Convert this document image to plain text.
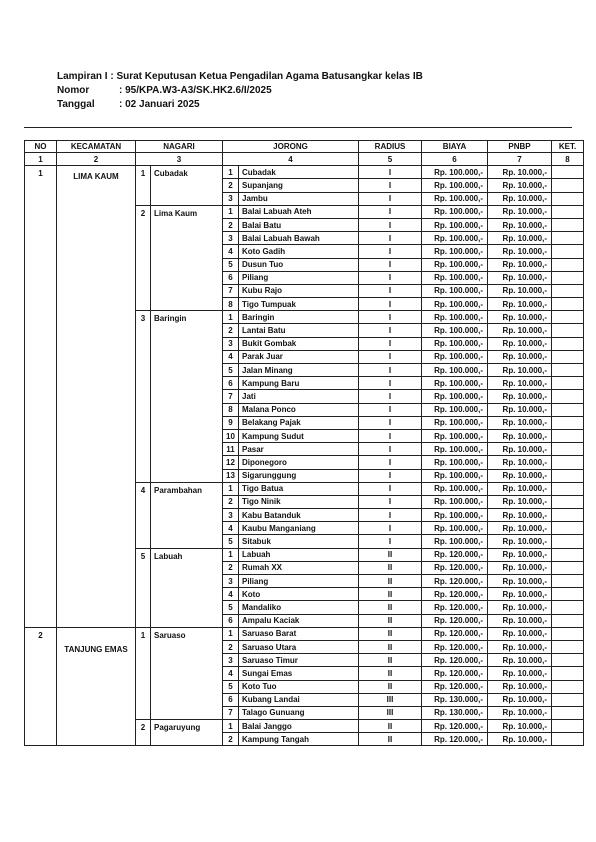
Lampiran I : Surat Keputusan Ketua Pengadilan Agama Batusangkar kelas IB
Nomor	: 95/KPA.W3-A3/SK.HK2.6/I/2025
Tanggal	: 02 Januari 2025
NO	KECAMATAN	NAGARI		JORONG		RADIUS	BIAYA	PNBP	KET.
1	2	3		4		5	6	7	8
1	LIMA KAUM	1	Cubadak	1	Cubadak	I	Rp. 100.000,-	Rp. 10.000,-	
				2	Supanjang	I	Rp. 100.000,-	Rp. 10.000,-	
				3	Jambu	I	Rp. 100.000,-	Rp. 10.000,-	
		2	Lima Kaum	1	Balai Labuah Ateh	I	Rp. 100.000,-	Rp. 10.000,-	
				2	Balai Batu	I	Rp. 100.000,-	Rp. 10.000,-	
				3	Balai Labuah Bawah	I	Rp. 100.000,-	Rp. 10.000,-	
				4	Koto Gadih	I	Rp. 100.000,-	Rp. 10.000,-	
				5	Dusun Tuo	I	Rp. 100.000,-	Rp. 10.000,-	
				6	Piliang	I	Rp. 100.000,-	Rp. 10.000,-	
				7	Kubu Rajo	I	Rp. 100.000,-	Rp. 10.000,-	
				8	Tigo Tumpuak	I	Rp. 100.000,-	Rp. 10.000,-	
		3	Baringin	1	Baringin	I	Rp. 100.000,-	Rp. 10.000,-	
				2	Lantai Batu	I	Rp. 100.000,-	Rp. 10.000,-	
				3	Bukit Gombak	I	Rp. 100.000,-	Rp. 10.000,-	
				4	Parak Juar	I	Rp. 100.000,-	Rp. 10.000,-	
				5	Jalan Minang	I	Rp. 100.000,-	Rp. 10.000,-	
				6	Kampung Baru	I	Rp. 100.000,-	Rp. 10.000,-	
				7	Jati	I	Rp. 100.000,-	Rp. 10.000,-	
				8	Malana Ponco	I	Rp. 100.000,-	Rp. 10.000,-	
				9	Belakang Pajak	I	Rp. 100.000,-	Rp. 10.000,-	
				10	Kampung Sudut	I	Rp. 100.000,-	Rp. 10.000,-	
				11	Pasar	I	Rp. 100.000,-	Rp. 10.000,-	
				12	Diponegoro	I	Rp. 100.000,-	Rp. 10.000,-	
				13	Sigarunggung	I	Rp. 100.000,-	Rp. 10.000,-	
		4	Parambahan	1	Tigo Batua	I	Rp. 100.000,-	Rp. 10.000,-	
				2	Tigo Ninik	I	Rp. 100.000,-	Rp. 10.000,-	
				3	Kabu Batanduk	I	Rp. 100.000,-	Rp. 10.000,-	
				4	Kaubu Manganiang	I	Rp. 100.000,-	Rp. 10.000,-	
				5	Sitabuk	I	Rp. 100.000,-	Rp. 10.000,-	
		5	Labuah	1	Labuah	II	Rp. 120.000,-	Rp. 10.000,-	
				2	Rumah XX	II	Rp. 120.000,-	Rp. 10.000,-	
				3	Piliang	II	Rp. 120.000,-	Rp. 10.000,-	
				4	Koto	II	Rp. 120.000,-	Rp. 10.000,-	
				5	Mandaliko	II	Rp. 120.000,-	Rp. 10.000,-	
				6	Ampalu Kaciak	II	Rp. 120.000,-	Rp. 10.000,-	
2	TANJUNG EMAS	1	Saruaso	1	Saruaso Barat	II	Rp. 120.000,-	Rp. 10.000,-	
				2	Saruaso Utara	II	Rp. 120.000,-	Rp. 10.000,-	
				3	Saruaso Timur	II	Rp. 120.000,-	Rp. 10.000,-	
				4	Sungai Emas	II	Rp. 120.000,-	Rp. 10.000,-	
				5	Koto Tuo	II	Rp. 120.000,-	Rp. 10.000,-	
				6	Kubang Landai	III	Rp. 130.000,-	Rp. 10.000,-	
				7	Talago Gunuang	III	Rp. 130.000,-	Rp. 10.000,-	
		2	Pagaruyung	1	Balai Janggo	II	Rp. 120.000,-	Rp. 10.000,-	
				2	Kampung Tangah	II	Rp. 120.000,-	Rp. 10.000,-	
